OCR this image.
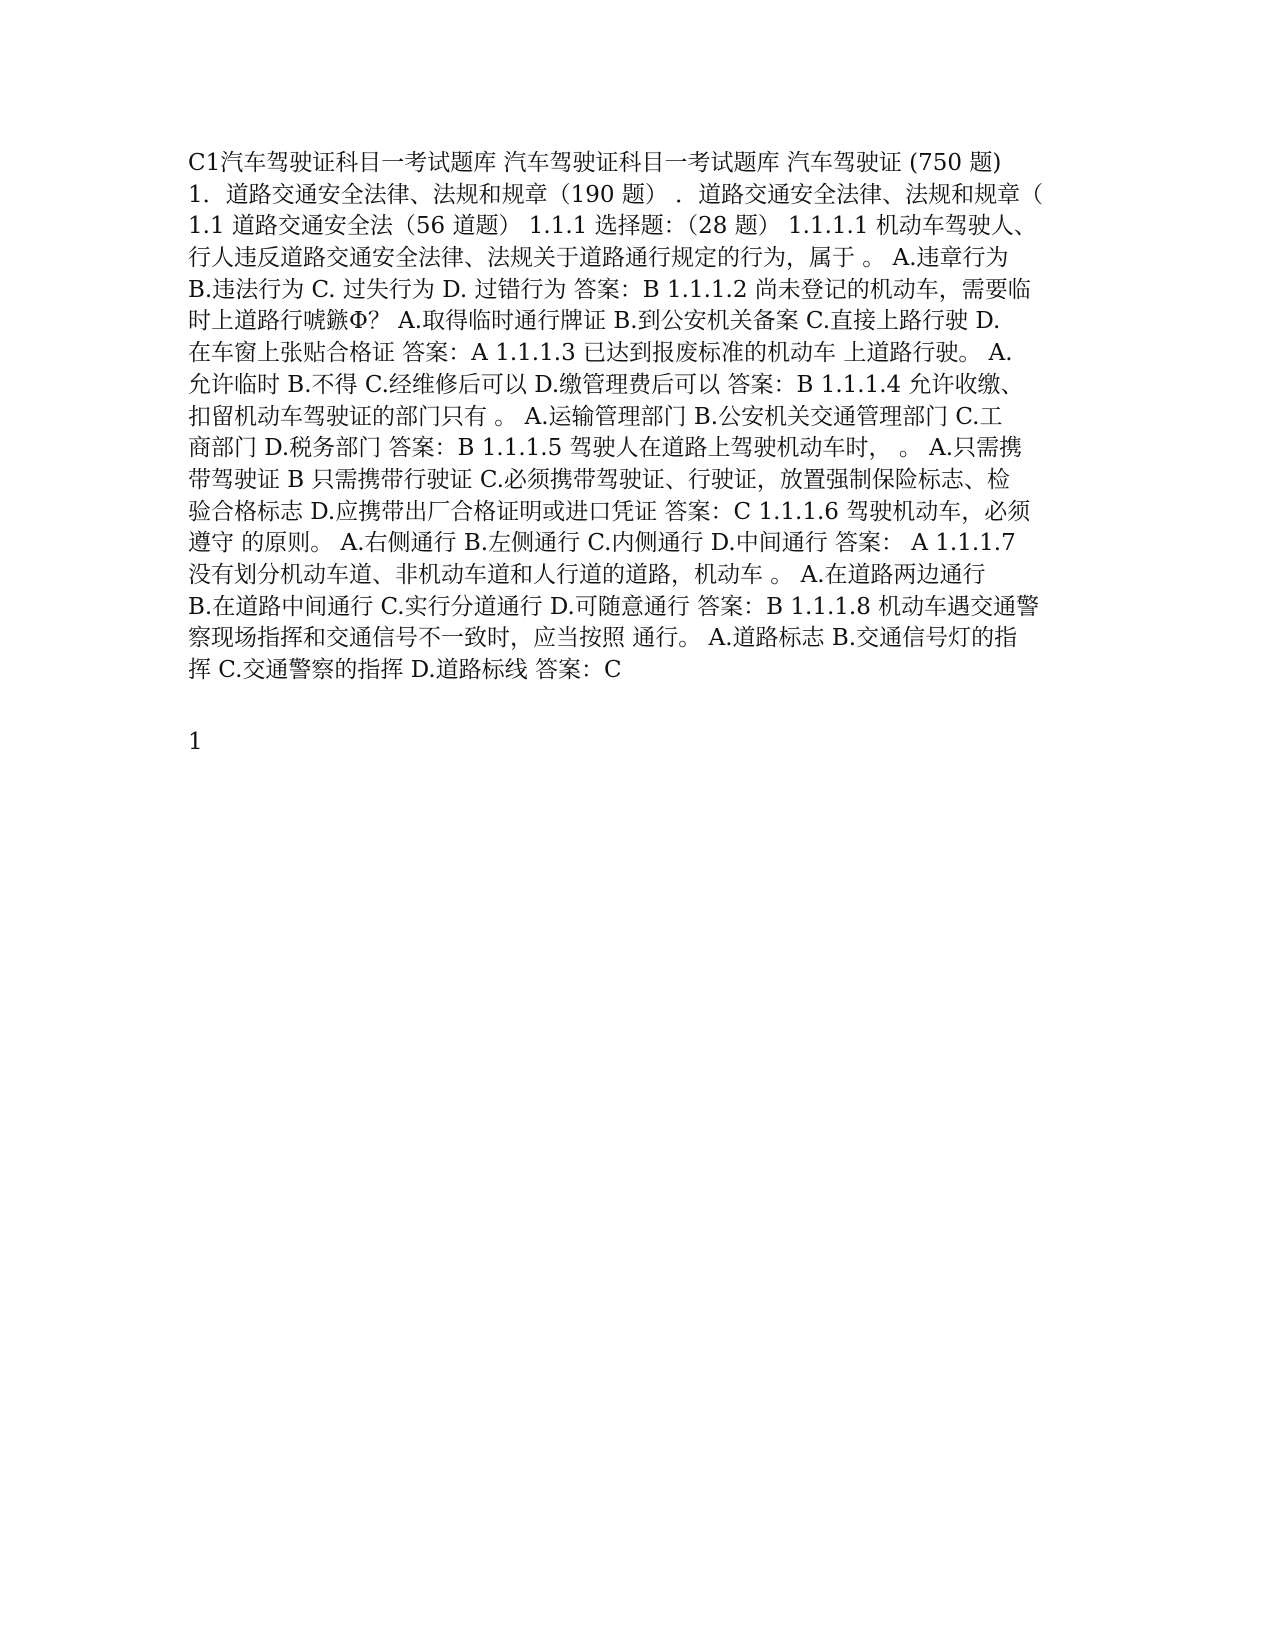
C1汽车驾驶证科目一考试题库 汽车驾驶证科目一考试题库 汽车驾驶证 (750 题)
1．道路交通安全法律、法规和规章（190 题） ．道路交通安全法律、法规和规章（
1.1 道路交通安全法（56 道题） 1.1.1 选择题：（28 题） 1.1.1.1 机动车驾驶人、
行人违反道路交通安全法律、法规关于道路通行规定的行为，属于 。 A.违章行为
B.违法行为 C. 过失行为 D. 过错行为 答案：B 1.1.1.2 尚未登记的机动车，需要临
时上道路行唬鏃Φ？ A.取得临时通行牌证 B.到公安机关备案 C.直接上路行驶 D.
在车窗上张贴合格证 答案：A 1.1.1.3 已达到报废标准的机动车 上道路行驶。 A.
允许临时 B.不得 C.经维修后可以 D.缴管理费后可以 答案：B 1.1.1.4 允许收缴、
扣留机动车驾驶证的部门只有 。 A.运输管理部门 B.公安机关交通管理部门 C.工
商部门 D.税务部门 答案：B 1.1.1.5 驾驶人在道路上驾驶机动车时， 。 A.只需携
带驾驶证 B 只需携带行驶证 C.必须携带驾驶证、行驶证，放置强制保险标志、检
验合格标志 D.应携带出厂合格证明或进口凭证 答案：C 1.1.1.6 驾驶机动车，必须
遵守 的原则。 A.右侧通行 B.左侧通行 C.内侧通行 D.中间通行 答案： A 1.1.1.7
没有划分机动车道、非机动车道和人行道的道路，机动车 。 A.在道路两边通行
B.在道路中间通行 C.实行分道通行 D.可随意通行 答案：B 1.1.1.8 机动车遇交通警
察现场指挥和交通信号不一致时，应当按照 通行。 A.道路标志 B.交通信号灯的指
挥 C.交通警察的指挥 D.道路标线 答案：C
1
